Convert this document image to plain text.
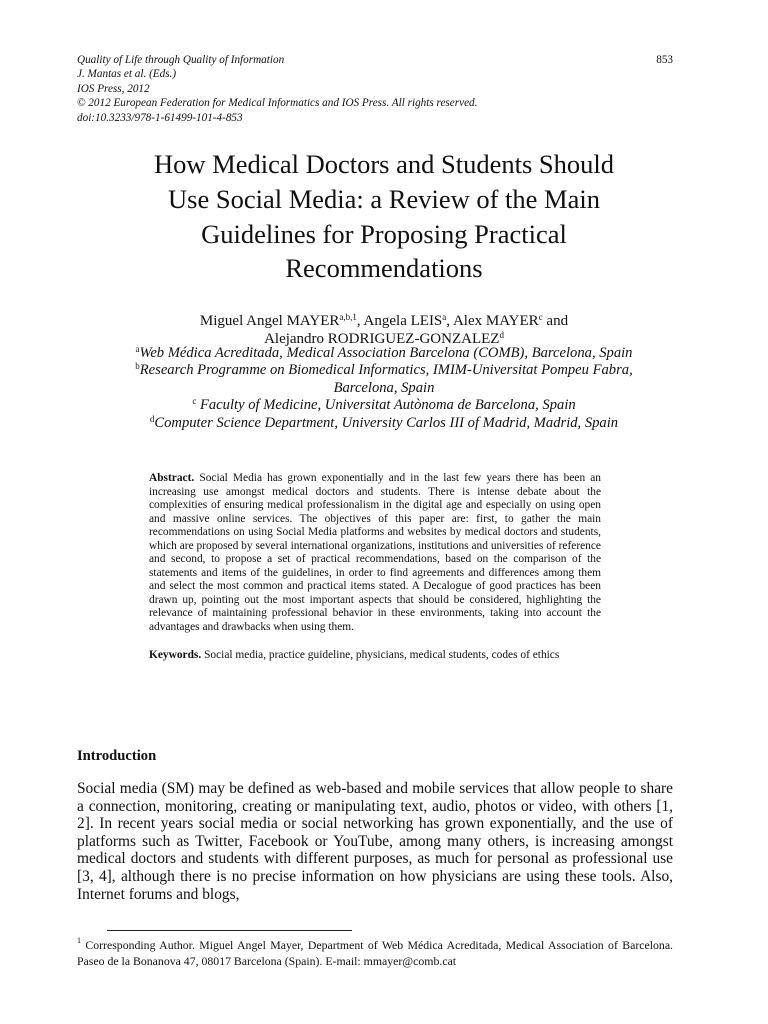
Quality of Life through Quality of Information
J. Mantas et al. (Eds.)
IOS Press, 2012
© 2012 European Federation for Medical Informatics and IOS Press. All rights reserved.
doi:10.3233/978-1-61499-101-4-853
853
How Medical Doctors and Students Should
Use Social Media: a Review of the Main
Guidelines for Proposing Practical
Recommendations
Miguel Angel MAYER$^{a,b,1}$, Angela LEIS$^a$, Alex MAYER$^c$ and
Alejandro RODRIGUEZ-GONZALEZ$^d$
$^a$Web Médica Acreditada, Medical Association Barcelona (COMB), Barcelona, Spain
$^b$Research Programme on Biomedical Informatics, IMIM-Universitat Pompeu Fabra,
Barcelona, Spain
$^c$ Faculty of Medicine, Universitat Autònoma de Barcelona, Spain
$^d$Computer Science Department, University Carlos III of Madrid, Madrid, Spain

Abstract. Social Media has grown exponentially and in the last few years there has been an increasing use amongst medical doctors and students. There is intense debate about the complexities of ensuring medical professionalism in the digital age and especially on using open and massive online services. The objectives of this paper are: first, to gather the main recommendations on using Social Media platforms and websites by medical doctors and students, which are proposed by several international organizations, institutions and universities of reference and second, to propose a set of practical recommendations, based on the comparison of the statements and items of the guidelines, in order to find agreements and differences among them and select the most common and practical items stated. A Decalogue of good practices has been drawn up, pointing out the most important aspects that should be considered, highlighting the relevance of maintaining professional behavior in these environments, taking into account the advantages and drawbacks when using them.

Keywords. Social media, practice guideline, physicians, medical students, codes of ethics

Introduction

Social media (SM) may be defined as web-based and mobile services that allow people to share a connection, monitoring, creating or manipulating text, audio, photos or video, with others [1, 2]. In recent years social media or social networking has grown exponentially, and the use of platforms such as Twitter, Facebook or YouTube, among many others, is increasing amongst medical doctors and students with different purposes, as much for personal as professional use [3, 4], although there is no precise information on how physicians are using these tools. Also, Internet forums and blogs,

$^1$ Corresponding Author. Miguel Angel Mayer, Department of Web Médica Acreditada, Medical Association of Barcelona. Paseo de la Bonanova 47, 08017 Barcelona (Spain). E-mail: mmayer@comb.cat
